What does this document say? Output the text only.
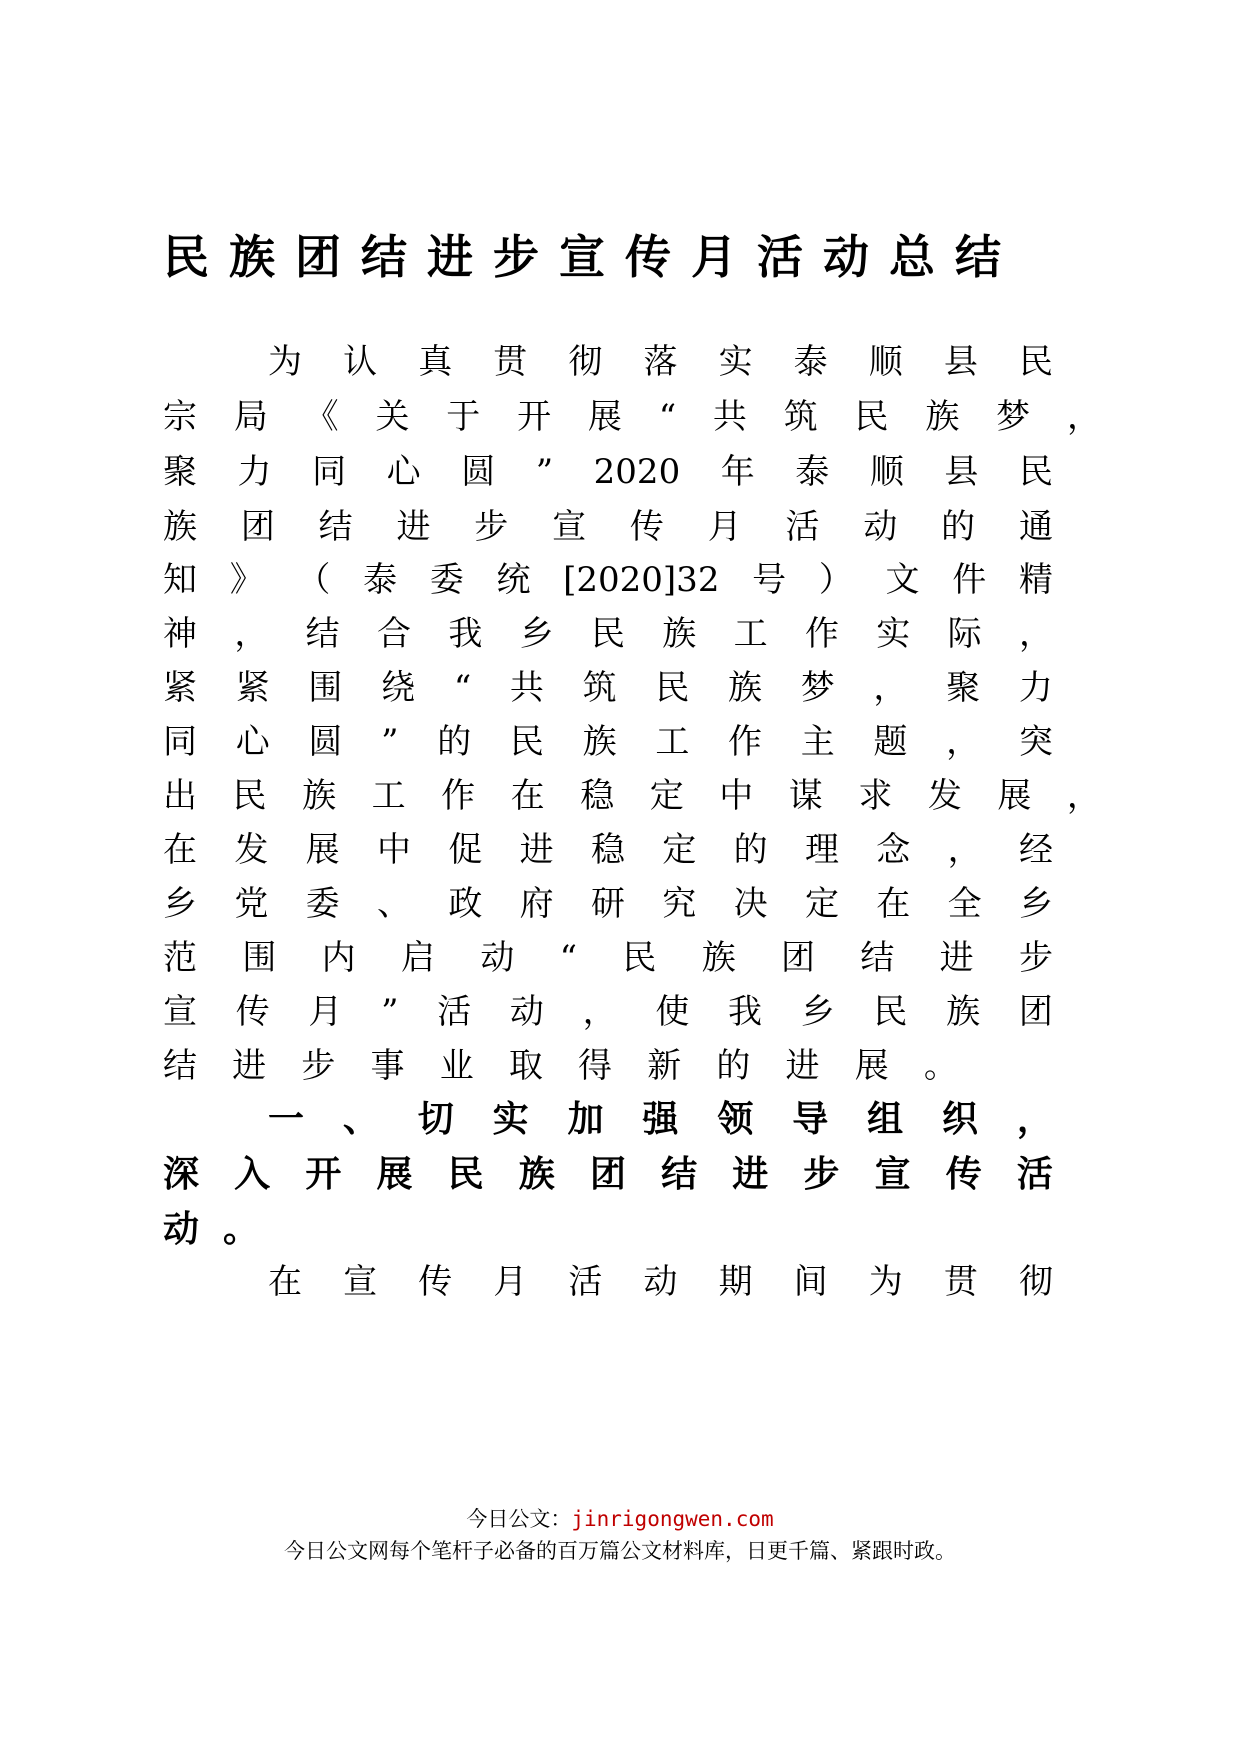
民族团结进步宣传月活动总结
为 认 真 贯 彻 落 实 泰 顺 县 民
宗 局 《 关 于 开 展 “ 共 筑 民 族 梦 ，
聚 力 同 心 圆 ” 2020 年 泰 顺 县 民
族 团 结 进 步 宣 传 月 活 动 的 通
知 》 （ 泰 委 统 [2020]32 号 ） 文 件 精
神 ， 结 合 我 乡 民 族 工 作 实 际 ，
紧 紧 围 绕 “ 共 筑 民 族 梦 ， 聚 力
同 心 圆 ” 的 民 族 工 作 主 题 ， 突
出 民 族 工 作 在 稳 定 中 谋 求 发 展 ，
在 发 展 中 促 进 稳 定 的 理 念 ， 经
乡 党 委 、 政 府 研 究 决 定 在 全 乡
范 围 内 启 动 “ 民 族 团 结 进 步
宣 传 月 ” 活 动 ， 使 我 乡 民 族 团
结 进 步 事 业 取 得 新 的 进 展 。
一 、 切 实 加 强 领 导 组 织 ，
深 入 开 展 民 族 团 结 进 步 宣 传 活
动 。
在 宣 传 月 活 动 期 间 为 贯 彻
今日公文：jinrigongwen.com
今日公文网每个笔杆子必备的百万篇公文材料库，日更千篇、紧跟时政。
